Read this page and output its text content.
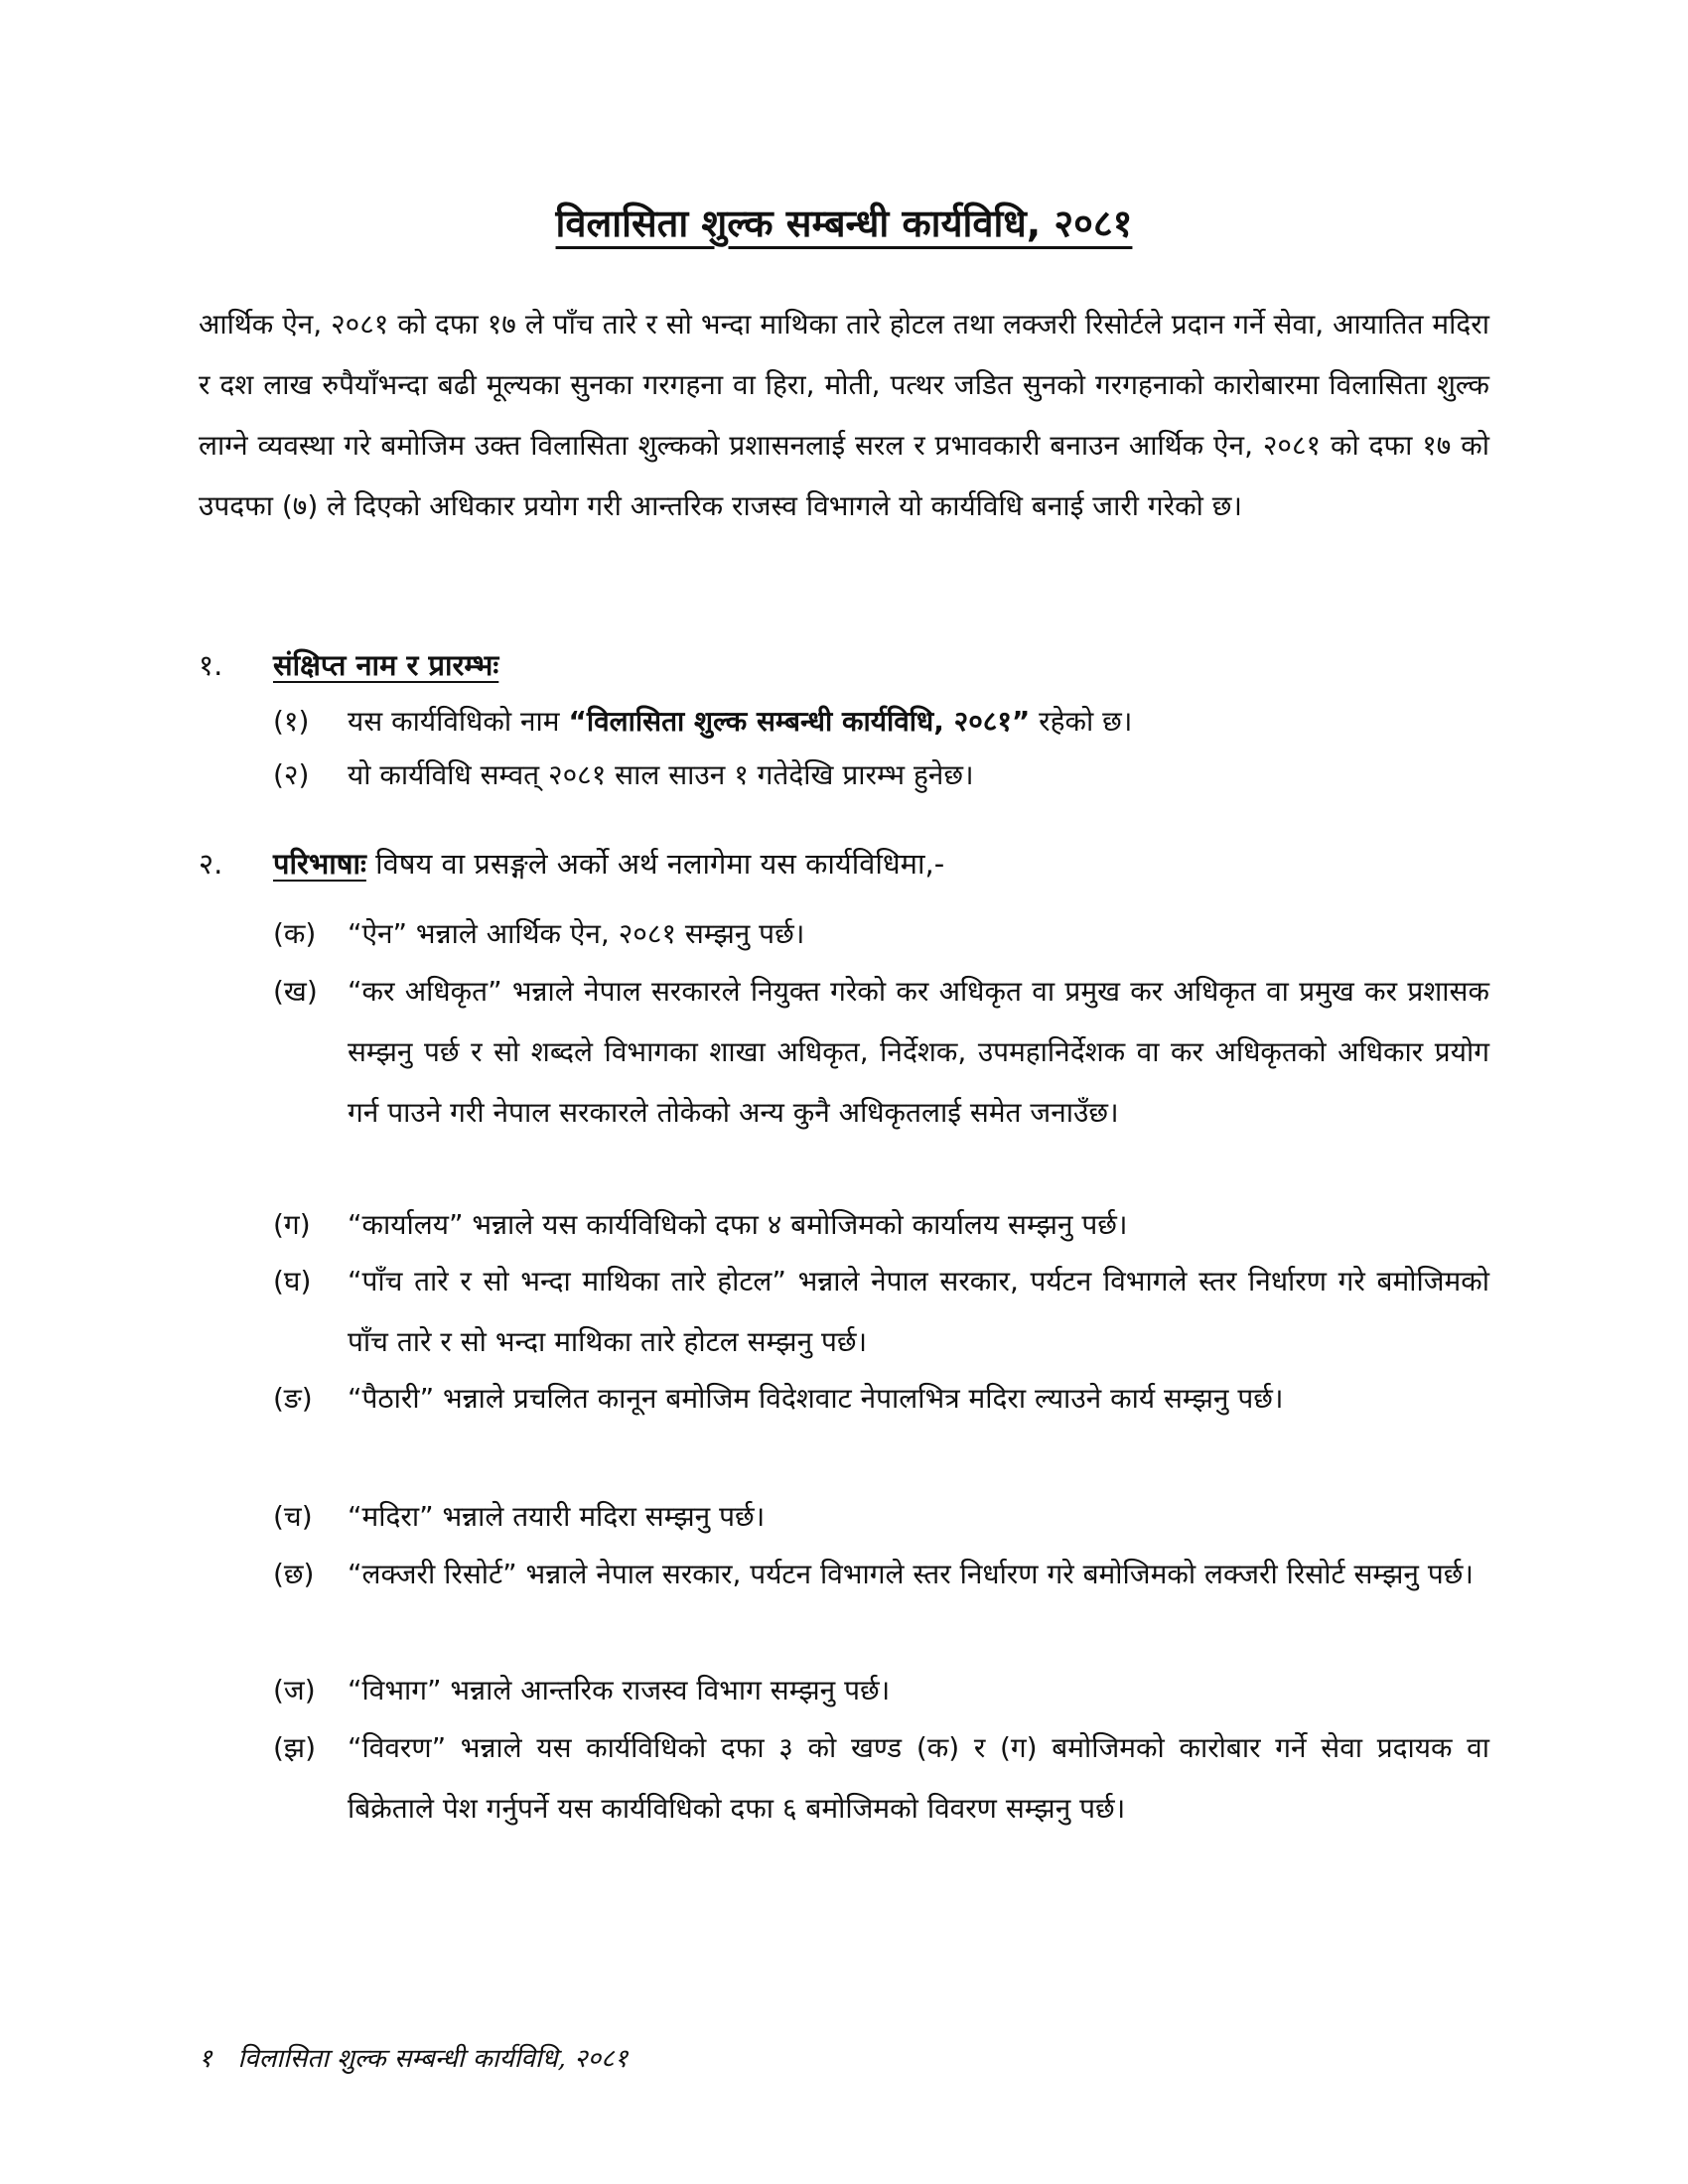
विलासिता शुल्क सम्बन्धी कार्यविधि, २०८१

आर्थिक ऐन, २०८१ को दफा १७ ले पाँच तारे र सो भन्दा माथिका तारे होटल तथा लक्जरी रिसोर्टले प्रदान गर्ने सेवा, आयातित मदिरा र दश लाख रुपैयाँभन्दा बढी मूल्यका सुनका गरगहना वा हिरा, मोती, पत्थर जडित सुनको गरगहनाको कारोबारमा विलासिता शुल्क लाग्ने व्यवस्था गरे बमोजिम उक्त विलासिता शुल्कको प्रशासनलाई सरल र प्रभावकारी बनाउन आर्थिक ऐन, २०८१ को दफा १७ को उपदफा (७) ले दिएको अधिकार प्रयोग गरी आन्तरिक राजस्व विभागले यो कार्यविधि बनाई जारी गरेको छ।

१.	संक्षिप्त नाम र प्रारम्भः
(१) यस कार्यविधिको नाम “विलासिता शुल्क सम्बन्धी कार्यविधि, २०८१” रहेको छ।
(२) यो कार्यविधि सम्वत् २०८१ साल साउन १ गतेदेखि प्रारम्भ हुनेछ।
२.	परिभाषाः विषय वा प्रसङ्गले अर्को अर्थ नलागेमा यस कार्यविधिमा,-
(क) “ऐन” भन्नाले आर्थिक ऐन, २०८१ सम्झनु पर्छ।
(ख) “कर अधिकृत” भन्नाले नेपाल सरकारले नियुक्त गरेको कर अधिकृत वा प्रमुख कर अधिकृत वा प्रमुख कर प्रशासक सम्झनु पर्छ र सो शब्दले विभागका शाखा अधिकृत, निर्देशक, उपमहानिर्देशक वा कर अधिकृतको अधिकार प्रयोग गर्न पाउने गरी नेपाल सरकारले तोकेको अन्य कुनै अधिकृतलाई समेत जनाउँछ।
(ग) “कार्यालय” भन्नाले यस कार्यविधिको दफा ४ बमोजिमको कार्यालय सम्झनु पर्छ।
(घ) “पाँच तारे र सो भन्दा माथिका तारे होटल” भन्नाले नेपाल सरकार, पर्यटन विभागले स्तर निर्धारण गरे बमोजिमको पाँच तारे र सो भन्दा माथिका तारे होटल सम्झनु पर्छ।
(ङ) “पैठारी” भन्नाले प्रचलित कानून बमोजिम विदेशवाट नेपालभित्र मदिरा ल्याउने कार्य सम्झनु पर्छ।
(च) “मदिरा” भन्नाले तयारी मदिरा सम्झनु पर्छ।
(छ) “लक्जरी रिसोर्ट” भन्नाले नेपाल सरकार, पर्यटन विभागले स्तर निर्धारण गरे बमोजिमको लक्जरी रिसोर्ट सम्झनु पर्छ।
(ज) “विभाग” भन्नाले आन्तरिक राजस्व विभाग सम्झनु पर्छ।
(झ) “विवरण” भन्नाले यस कार्यविधिको दफा ३ को खण्ड (क) र (ग) बमोजिमको कारोबार गर्ने सेवा प्रदायक वा बिक्रेताले पेश गर्नुपर्ने यस कार्यविधिको दफा ६ बमोजिमको विवरण सम्झनु पर्छ।
१ विलासिता शुल्क सम्बन्धी कार्यविधि, २०८१
